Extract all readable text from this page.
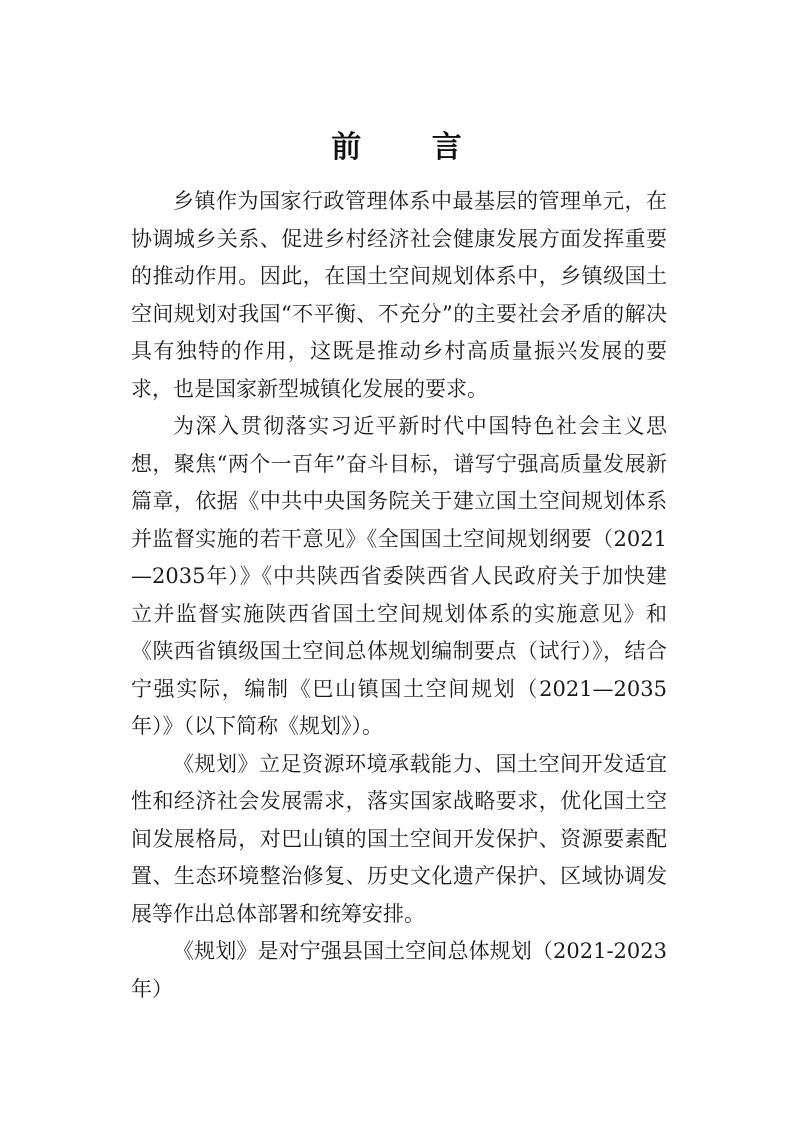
前 言

乡镇作为国家行政管理体系中最基层的管理单元，在协调城乡关系、促进乡村经济社会健康发展方面发挥重要的推动作用。因此，在国土空间规划体系中，乡镇级国土空间规划对我国“不平衡、不充分”的主要社会矛盾的解决具有独特的作用，这既是推动乡村高质量振兴发展的要求，也是国家新型城镇化发展的要求。

为深入贯彻落实习近平新时代中国特色社会主义思想，聚焦“两个一百年”奋斗目标，谱写宁强高质量发展新篇章，依据《中共中央国务院关于建立国土空间规划体系并监督实施的若干意见》《全国国土空间规划纲要（2021—2035年）》《中共陕西省委陕西省人民政府关于加快建立并监督实施陕西省国土空间规划体系的实施意见》和《陕西省镇级国土空间总体规划编制要点（试行）》，结合宁强实际，编制《巴山镇国土空间规划（2021—2035年）》（以下简称《规划》）。

《规划》立足资源环境承载能力、国土空间开发适宜性和经济社会发展需求，落实国家战略要求，优化国土空间发展格局，对巴山镇的国土空间开发保护、资源要素配置、生态环境整治修复、历史文化遗产保护、区域协调发展等作出总体部署和统筹安排。

《规划》是对宁强县国土空间总体规划（2021-2023年）
